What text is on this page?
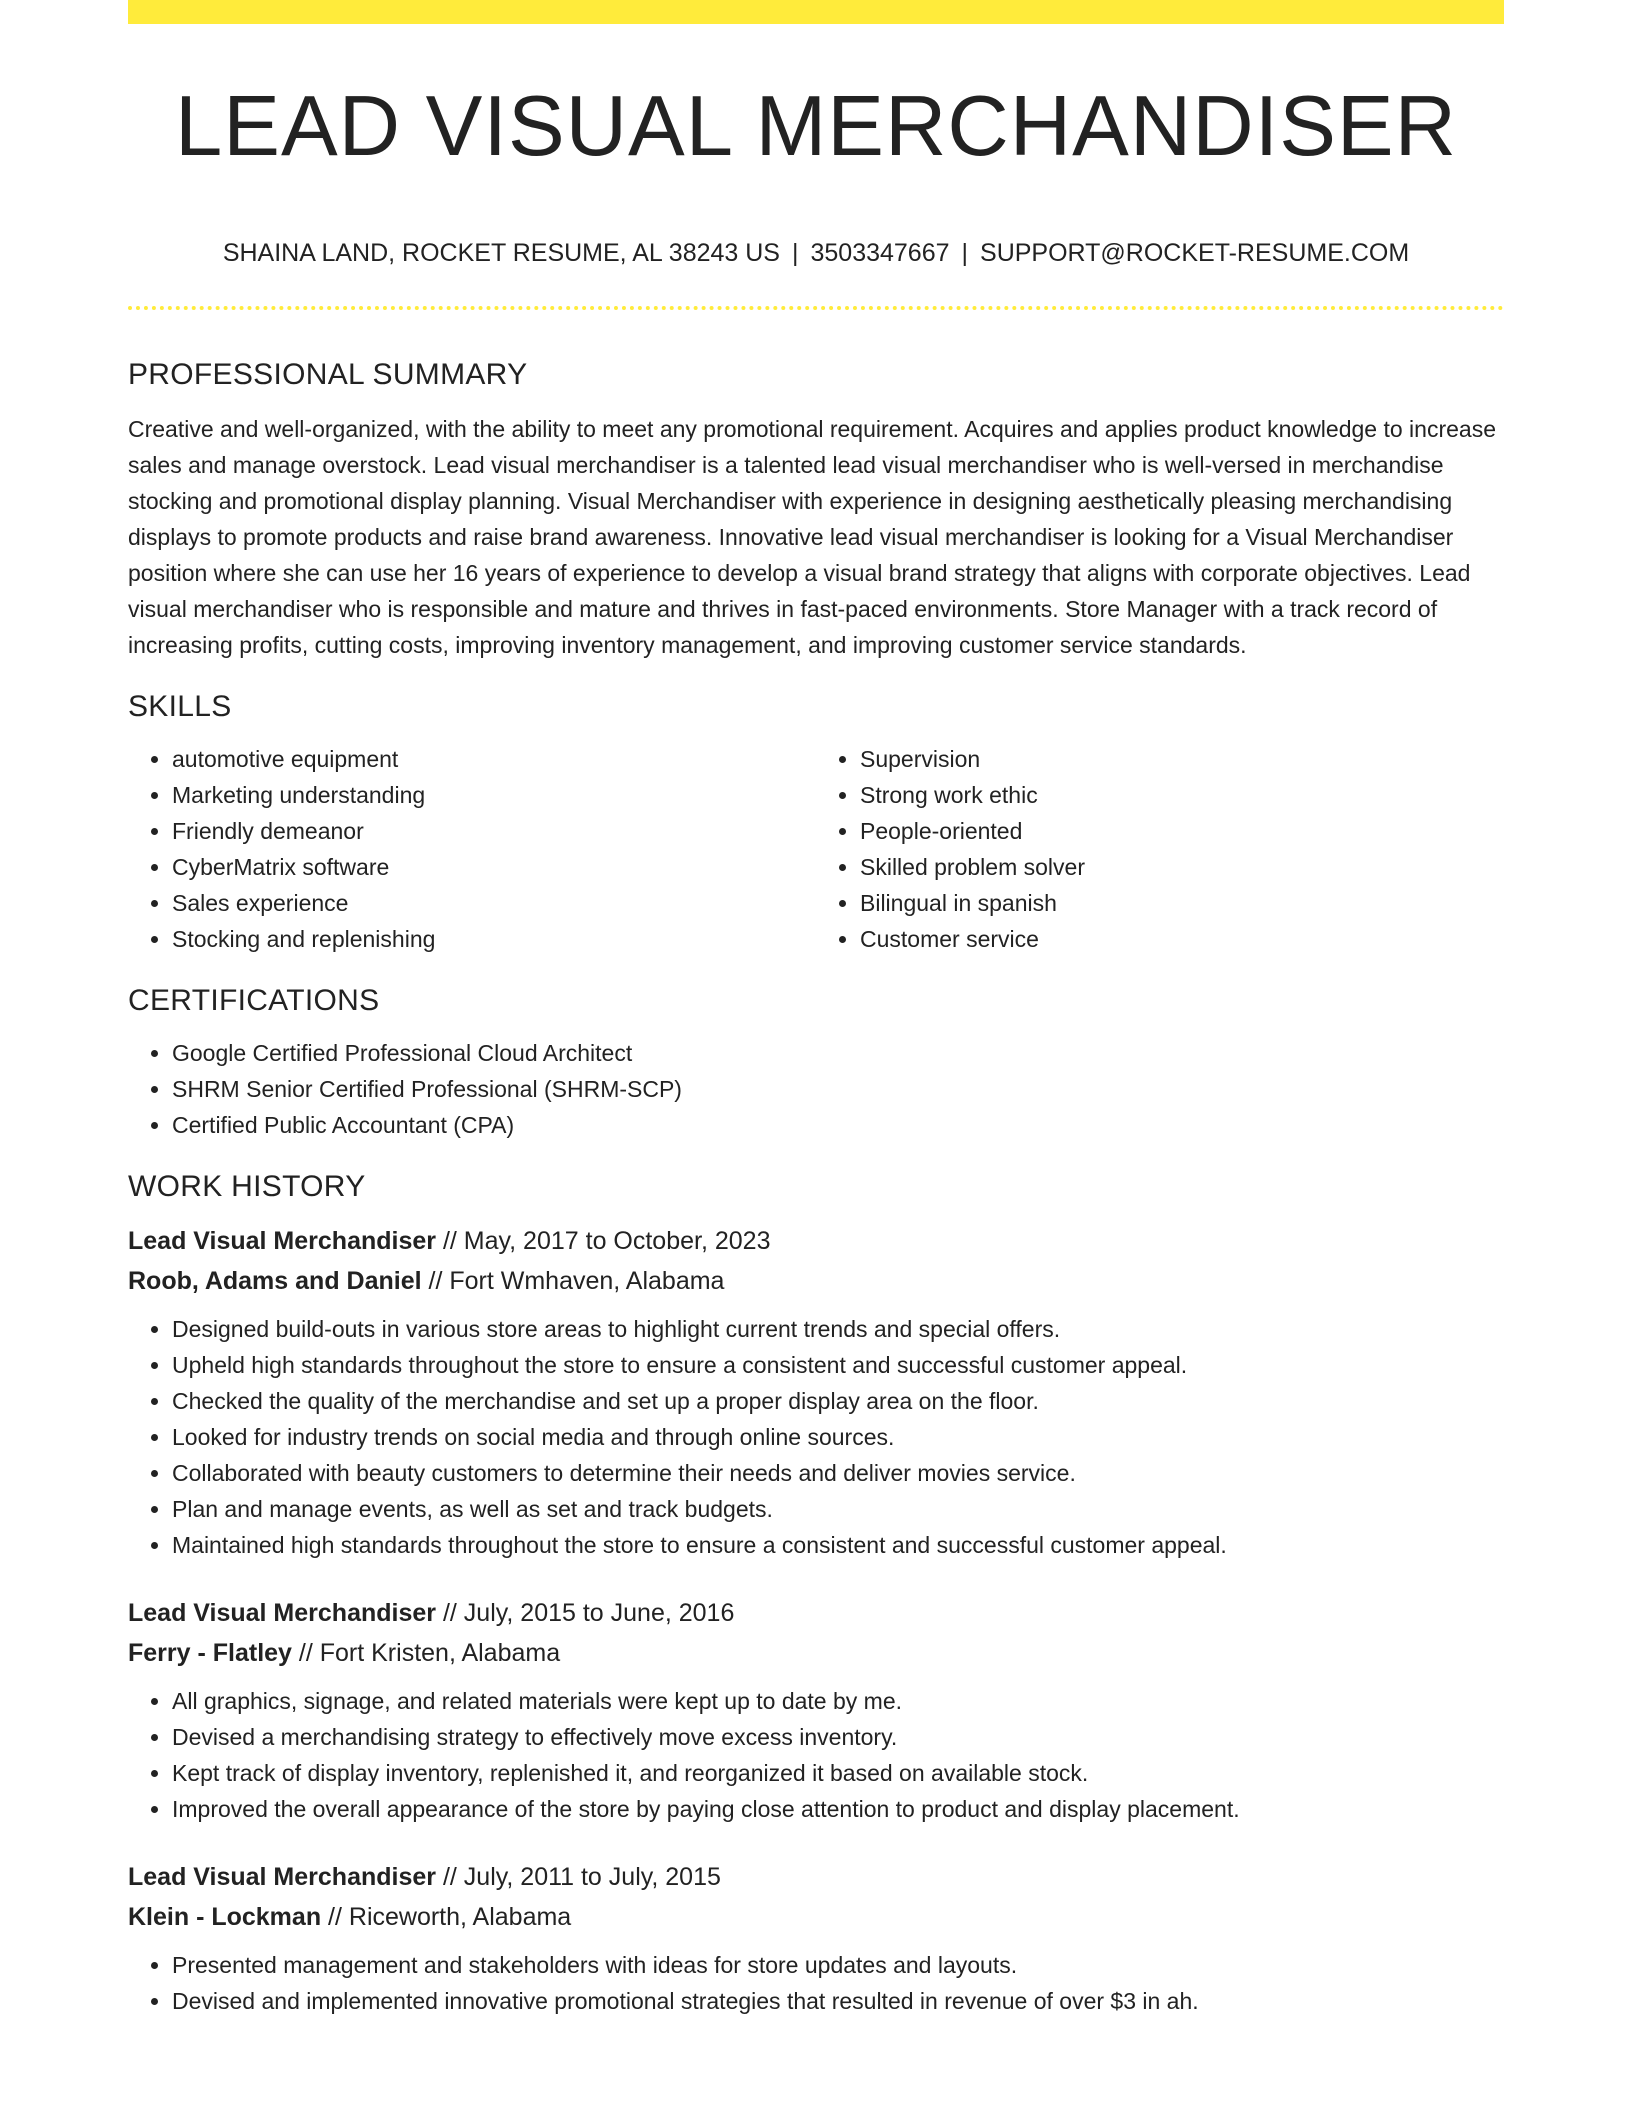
LEAD VISUAL MERCHANDISER
SHAINA LAND, ROCKET RESUME, AL 38243 US | 3503347667 | SUPPORT@ROCKET-RESUME.COM
PROFESSIONAL SUMMARY

Creative and well-organized, with the ability to meet any promotional requirement. Acquires and applies product knowledge to increase sales and manage overstock. Lead visual merchandiser is a talented lead visual merchandiser who is well-versed in merchandise stocking and promotional display planning. Visual Merchandiser with experience in designing aesthetically pleasing merchandising displays to promote products and raise brand awareness. Innovative lead visual merchandiser is looking for a Visual Merchandiser position where she can use her 16 years of experience to develop a visual brand strategy that aligns with corporate objectives. Lead visual merchandiser who is responsible and mature and thrives in fast-paced environments. Store Manager with a track record of increasing profits, cutting costs, improving inventory management, and improving customer service standards.

SKILLS
• automotive equipment
• Marketing understanding
• Friendly demeanor
• CyberMatrix software
• Sales experience
• Stocking and replenishing
• Supervision
• Strong work ethic
• People-oriented
• Skilled problem solver
• Bilingual in spanish
• Customer service
CERTIFICATIONS
• Google Certified Professional Cloud Architect
• SHRM Senior Certified Professional (SHRM-SCP)
• Certified Public Accountant (CPA)
WORK HISTORY
Lead Visual Merchandiser // May, 2017 to October, 2023
Roob, Adams and Daniel // Fort Wmhaven, Alabama
• Designed build-outs in various store areas to highlight current trends and special offers.
• Upheld high standards throughout the store to ensure a consistent and successful customer appeal.
• Checked the quality of the merchandise and set up a proper display area on the floor.
• Looked for industry trends on social media and through online sources.
• Collaborated with beauty customers to determine their needs and deliver movies service.
• Plan and manage events, as well as set and track budgets.
• Maintained high standards throughout the store to ensure a consistent and successful customer appeal.
Lead Visual Merchandiser // July, 2015 to June, 2016
Ferry - Flatley // Fort Kristen, Alabama
• All graphics, signage, and related materials were kept up to date by me.
• Devised a merchandising strategy to effectively move excess inventory.
• Kept track of display inventory, replenished it, and reorganized it based on available stock.
• Improved the overall appearance of the store by paying close attention to product and display placement.
Lead Visual Merchandiser // July, 2011 to July, 2015
Klein - Lockman // Riceworth, Alabama
• Presented management and stakeholders with ideas for store updates and layouts.
• Devised and implemented innovative promotional strategies that resulted in revenue of over $3 in ah.
